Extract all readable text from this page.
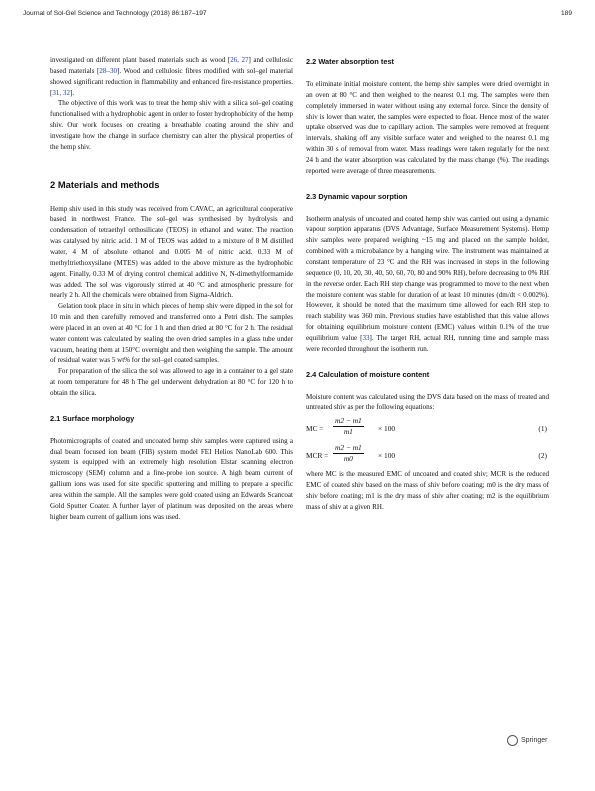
Journal of Sol-Gel Science and Technology (2018) 86:187–197	189

investigated on different plant based materials such as wood [26, 27] and cellulosic based materials [28–30]. Wood and cellulosic fibres modified with sol–gel material showed significant reduction in flammability and enhanced fire-resistance properties. [31, 32].

The objective of this work was to treat the hemp shiv with a silica sol–gel coating functionalised with a hydrophobic agent in order to foster hydrophobicity of the hemp shiv. Our work focuses on creating a breathable coating around the shiv and investigate how the change in surface chemistry can alter the physical properties of the hemp shiv.

2 Materials and methods

Hemp shiv used in this study was received from CAVAC, an agricultural cooperative based in northwest France. The sol–gel was synthesised by hydrolysis and condensation of tetraethyl orthosilicate (TEOS) in ethanol and water. The reaction was catalysed by nitric acid. 1 M of TEOS was added to a mixture of 8 M distilled water, 4 M of absolute ethanol and 0.005 M of nitric acid. 0.33 M of methyltriethoxysilane (MTES) was added to the above mixture as the hydrophobic agent. Finally, 0.33 M of drying control chemical additive N, N-dimethylformamide was added. The sol was vigorously stirred at 40 °C and atmospheric pressure for nearly 2 h. All the chemicals were obtained from Sigma-Aldrich.

Gelation took place in situ in which pieces of hemp shiv were dipped in the sol for 10 min and then carefully removed and transferred onto a Petri dish. The samples were placed in an oven at 40 °C for 1 h and then dried at 80 °C for 2 h. The residual water content was calculated by sealing the oven dried samples in a glass tube under vacuum, heating them at 150°C overnight and then weighing the sample. The amount of residual water was 5 wt% for the sol–gel coated samples.

For preparation of the silica the sol was allowed to age in a container to a gel state at room temperature for 48 h The gel underwent dehydration at 80 °C for 120 h to obtain the silica.

2.1 Surface morphology

Photomicrographs of coated and uncoated hemp shiv samples were captured using a dual beam focused ion beam (FIB) system model FEI Helios NanoLab 600. This system is equipped with an extremely high resolution Elstar scanning electron microscopy (SEM) column and a fine-probe ion source. A high beam current of gallium ions was used for site specific sputtering and milling to prepare a specific area within the sample. All the samples were gold coated using an Edwards Scancoat Gold Sputter Coater. A further layer of platinum was deposited on the areas where higher beam current of gallium ions was used.

2.2 Water absorption test

To eliminate initial moisture content, the hemp shiv samples were dried overnight in an oven at 80 °C and then weighed to the nearest 0.1 mg. The samples were then completely immersed in water without using any external force. Since the density of shiv is lower than water, the samples were expected to float. Hence most of the water uptake observed was due to capillary action. The samples were removed at frequent intervals, shaking off any visible surface water and weighed to the nearest 0.1 mg within 30 s of removal from water. Mass readings were taken regularly for the next 24 h and the water absorption was calculated by the mass change (%). The readings reported were average of three measurements.

2.3 Dynamic vapour sorption

Isotherm analysis of uncoated and coated hemp shiv was carried out using a dynamic vapour sorption apparatus (DVS Advantage, Surface Measurement Systems). Hemp shiv samples were prepared weighing ~15 mg and placed on the sample holder, combined with a microbalance by a hanging wire. The instrument was maintained at constant temperature of 23 °C and the RH was increased in steps in the following sequence (0, 10, 20, 30, 40, 50, 60, 70, 80 and 90% RH), before decreasing to 0% RH in the reverse order. Each RH step change was programmed to move to the next when the moisture content was stable for duration of at least 10 minutes (dm/dt < 0.002%). However, it should be noted that the maximum time allowed for each RH step to reach stability was 360 min. Previous studies have established that this value allows for obtaining equilibrium moisture content (EMC) values within 0.1% of the true equilibrium value [33]. The target RH, actual RH, running time and sample mass were recorded throughout the isotherm run.

2.4 Calculation of moisture content

Moisture content was calculated using the DVS data based on the mass of treated and untreated shiv as per the following equations:

MC = $\frac{m2 - m1}{m1} \times 100$	(1)
MCR = $\frac{m2 - m1}{m0} \times 100$	(2)

where MC is the measured EMC of uncoated and coated shiv; MCR is the reduced EMC of coated shiv based on the mass of shiv before coating; m0 is the dry mass of shiv before coating; m1 is the dry mass of shiv after coating; m2 is the equilibrium mass of shiv at a given RH.

Springer
